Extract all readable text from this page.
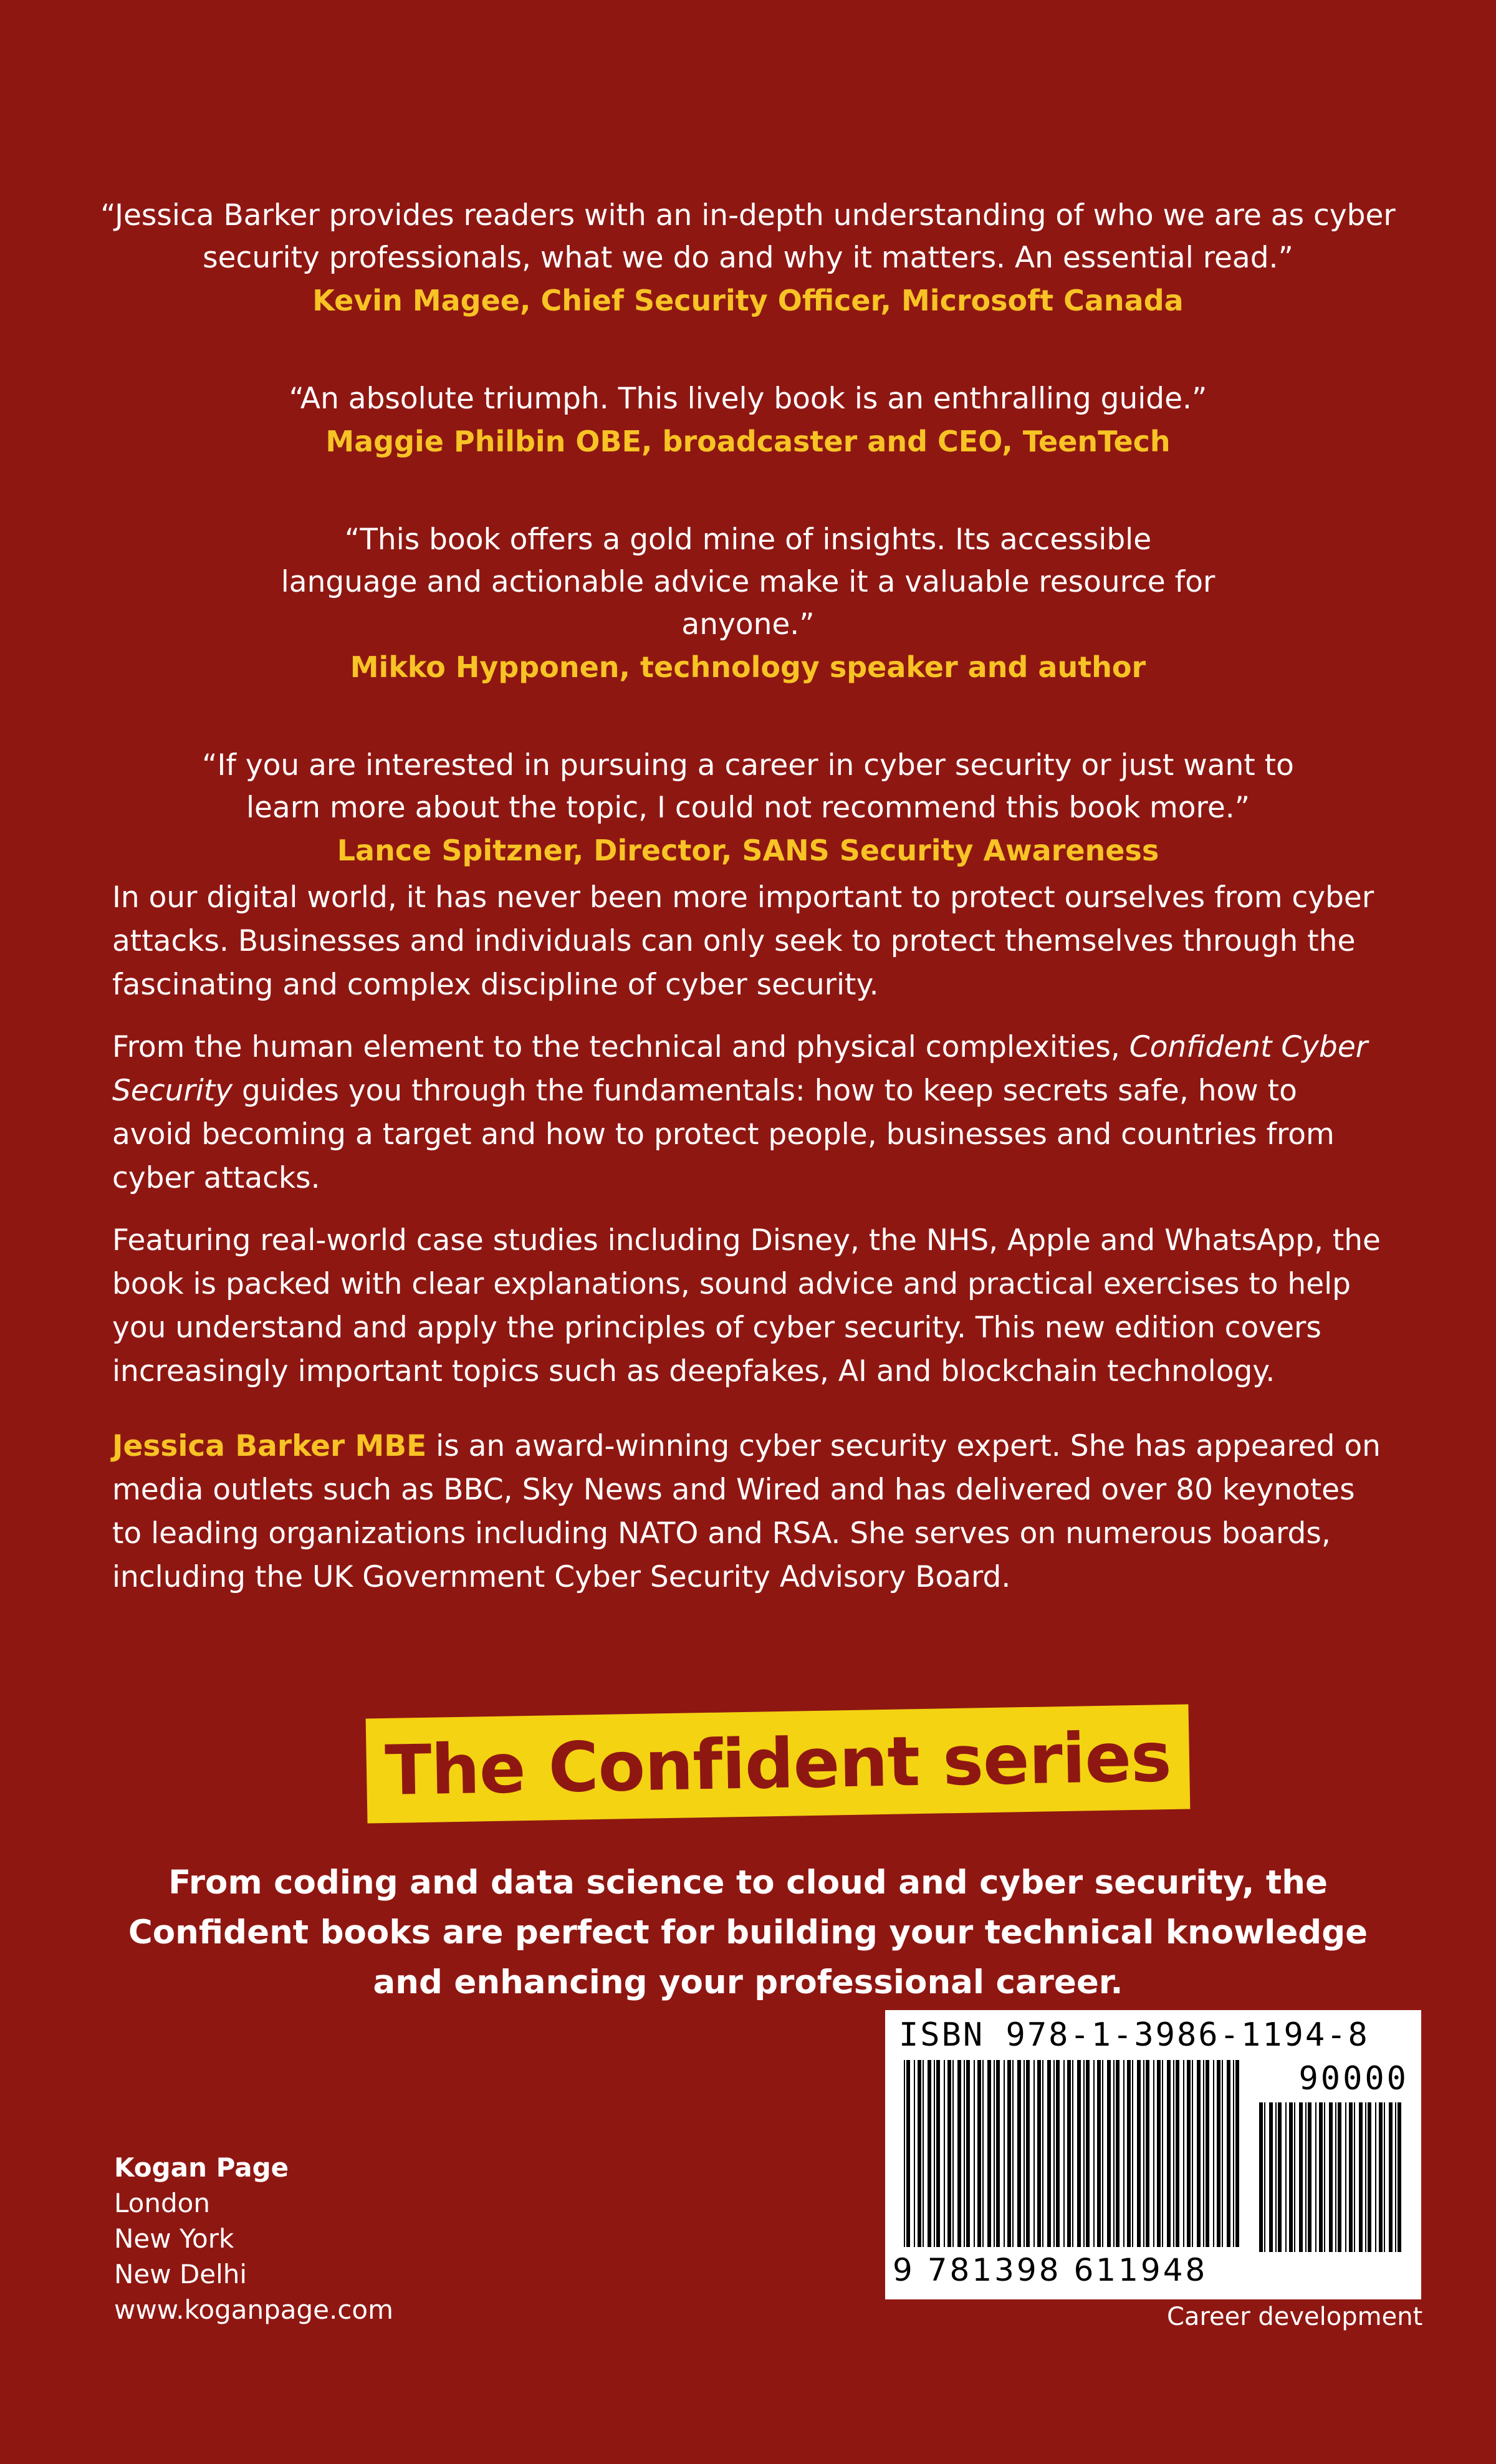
“Jessica Barker provides readers with an in-depth understanding of who we are as cyber security professionals, what we do and why it matters. An essential read.”
Kevin Magee, Chief Security Officer, Microsoft Canada
“An absolute triumph. This lively book is an enthralling guide.”
Maggie Philbin OBE, broadcaster and CEO, TeenTech
“This book offers a gold mine of insights. Its accessible language and actionable advice make it a valuable resource for anyone.”
Mikko Hypponen, technology speaker and author
“If you are interested in pursuing a career in cyber security or just want to learn more about the topic, I could not recommend this book more.”
Lance Spitzner, Director, SANS Security Awareness

In our digital world, it has never been more important to protect ourselves from cyber attacks. Businesses and individuals can only seek to protect themselves through the fascinating and complex discipline of cyber security.

From the human element to the technical and physical complexities, Confident Cyber Security guides you through the fundamentals: how to keep secrets safe, how to avoid becoming a target and how to protect people, businesses and countries from cyber attacks.

Featuring real-world case studies including Disney, the NHS, Apple and WhatsApp, the book is packed with clear explanations, sound advice and practical exercises to help you understand and apply the principles of cyber security. This new edition covers increasingly important topics such as deepfakes, AI and blockchain technology.

Jessica Barker MBE is an award-winning cyber security expert. She has appeared on media outlets such as BBC, Sky News and Wired and has delivered over 80 keynotes to leading organizations including NATO and RSA. She serves on numerous boards, including the UK Government Cyber Security Advisory Board.

The Confident series
From coding and data science to cloud and cyber security, the Confident books are perfect for building your technical knowledge and enhancing your professional career.
Kogan Page
London
New York
New Delhi
www.koganpage.com
ISBN 978-1-3986-1194-8
90000
9 781398 611948
Career development
